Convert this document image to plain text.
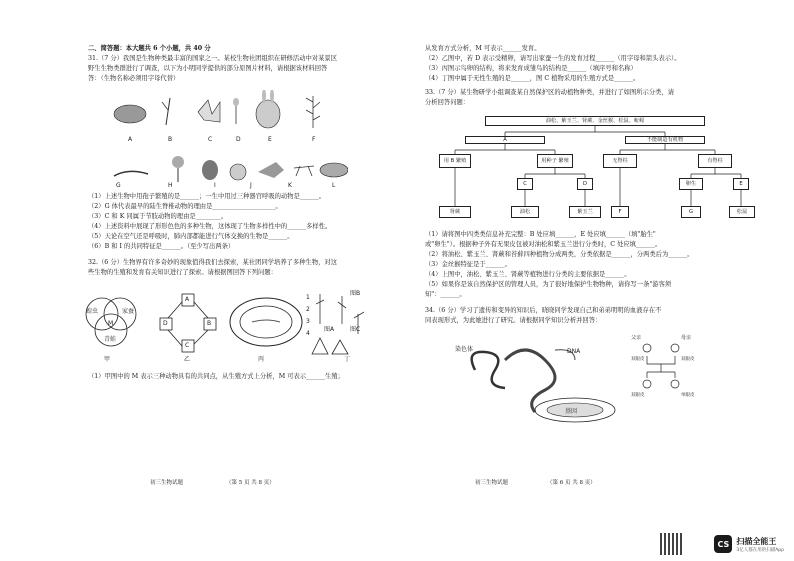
二、简答题：本大题共 6 个小题，共 40 分
31.（7 分）我国是生物种类最丰富的国家之一。某校生物社团组织在研修活动中对某景区
野生生物类群进行了调查，以下为小明同学提供的部分原图片材料，请根据该材料回答
答：（生物名称必须用字母代替）
A	B	C	D	E	F
G	H	I	J	K	L
（1）上述生物中用孢子繁殖的是______；一生中用过三种器官呼吸的动物是______。
（2）G 体代表最早的陆生脊椎动物的理由是____________________。
（3）C 和 K 同属于节肢动物的理由是________。
（4）上述资料中展现了形形色色的多种生物，这体现了生物多样性中的______多样性。
（5）天论在空气还是呼吸时，肺内部都能进行气体交换的生物是______。
（6）B 和 I 的共同特征是______。（至少写出两条）
32.（6 分）生物界有许多奇妙的现象值得我们去探索，某社团同学培养了多种生物，对这
些生物的生殖和发育有关知识进行了探索。请根据图回答下列问题：
蝗虫	家蚕
青蛙
M
A
D	B
C
1
2
3
4
图A
图B
图C
甲	乙	丙	丁
（1）甲图中的 M 表示三种动物具有的共同点，从生殖方式上分析，M 可表示______生殖；
初三生物试题	（第 5 页 共 8 页）
从发育方式分析，M 可表示______发育。
（2）乙图中，若 D 表示受精卵，请写出家蚕一生的发育过程______（用字母和箭头表示）。
（3）丙图示鸟卵的结构，将来发育成雏鸟的结构是______（填序号和名称）
（4）丁图中属于无性生殖的是______，图 C 植物采用的生殖方式是______。
33.（7 分）某生物研学小组调查某自然保护区的动植物种类，并进行了如图所示分类，请
分析回答问题：
油松、紫玉兰、肾蕨、金丝猴、松鼠、蚯蚓
A	不能制造有机物
用 B 繁殖	用种子 繁殖	无脊柱	有脊柱
C	D	卵生	E
肾蕨	油松	紫玉兰	F	G	松鼠
（1）请将图中四类类信息补充完整：B 处应填______，E 处应填______（填"胎生"
或"卵生"）。根据种子外有无果皮包被对油松和紫玉兰进行分类时，C 处应填______。
（2）将油松、紫玉兰、肾蕨和苔藓四种植物分成两类，分类依据是______，分两类后为______。
（3）金丝猴特征是于______。
（4）上图中，油松、紫玉兰、肾蕨等植物进行分类的主要依据是______。
（5）如果你是该自然保护区的管理人员，为了很好地保护生物物种，请你写一条"游客须
知"：______。
34.（6 分）学习了遗传和变异的知识后，晓晓同学发现自己和弟弟明明的血液存在不
同表现形式，为此她进行了研究。请根据同学知识分析并回答：
染色体	DNA
基因
父亲	母亲
双眼皮	双眼皮
双眼皮	单眼皮
初三生物试题	（第 6 页 共 8 页）
CS 扫描全能王
3亿人都在用的扫描App
